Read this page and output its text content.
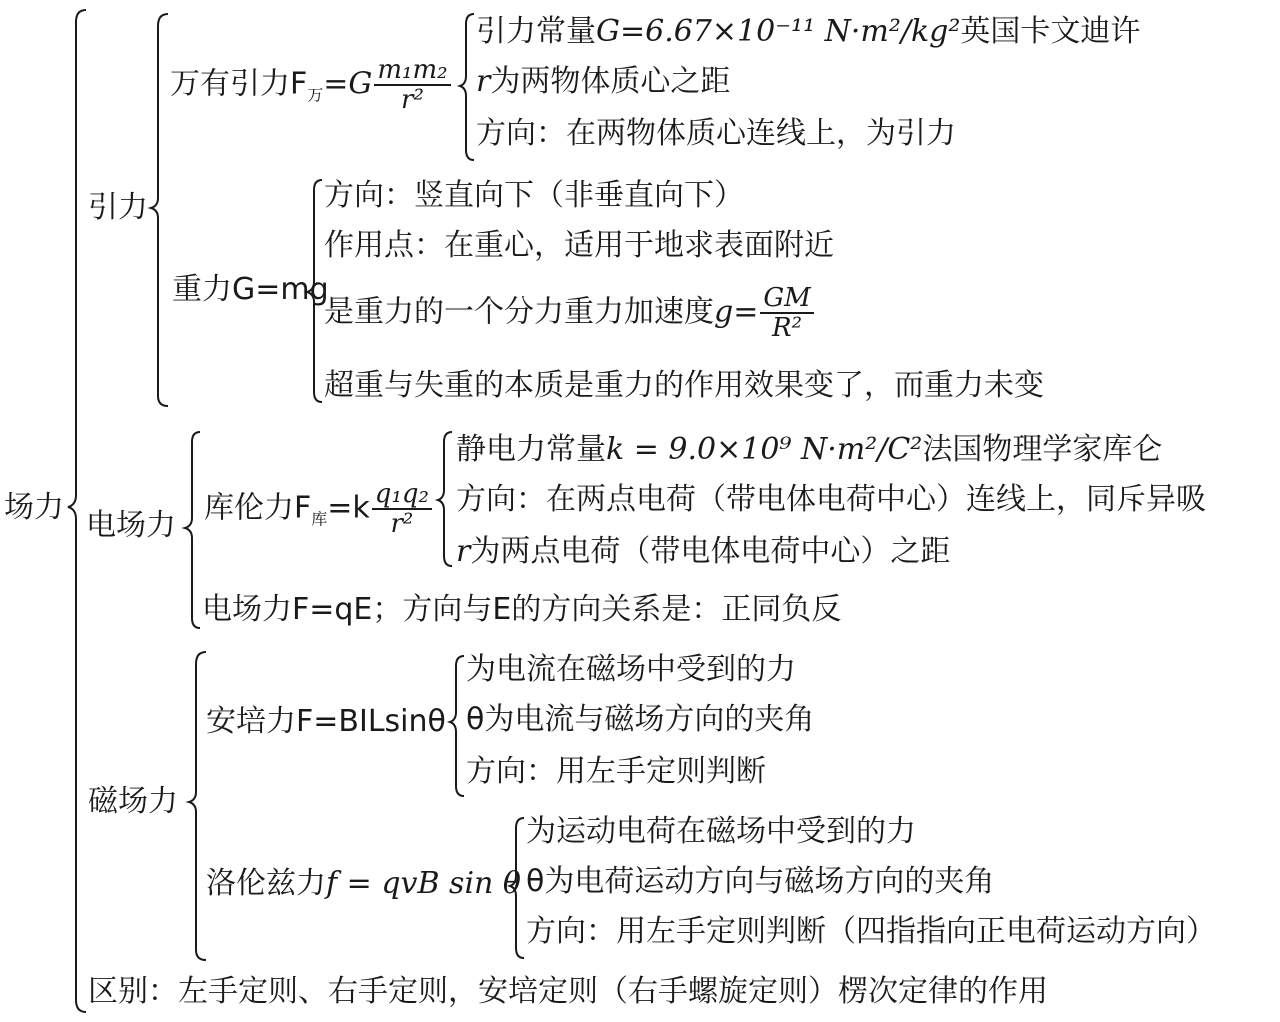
场力
引力
万有引力$F_万=G \frac{\text{m₁m₂}}{\text{r²}}$
引力常量G=6.67×10⁻¹¹ N·m²/kg²英国卡文迪许
r为两物体质心之距
方向：在两物体质心连线上，为引力
重力G=mg
方向：竖直向下（非垂直向下）
作用点：在重心，适用于地求表面附近
是重力的一个分力重力加速度$g= \frac{GM}{\text{R²}}$
超重与失重的本质是重力的作用效果变了，而重力未变
电场力 库伦力$F_库=k \frac{\text{q₁q₂}}{\text{r²}}$
静电力常量k = 9.0×10⁹ N·m²/C²法国物理学家库仑
方向：在两点电荷（带电体电荷中心）连线上，同斥异吸
r为两点电荷（带电体电荷中心）之距
电场力F=qE；方向与E的方向关系是：正同负反
磁场力
安培力F=BILsinθ
为电流在磁场中受到的力
θ为电流与磁场方向的夹角
方向：用左手定则判断
洛伦兹力f = qvB sin θ
为运动电荷在磁场中受到的力
θ为电荷运动方向与磁场方向的夹角
方向：用左手定则判断（四指指向正电荷运动方向）
区别：左手定则、右手定则，安培定则（右手螺旋定则）楞次定律的作用
